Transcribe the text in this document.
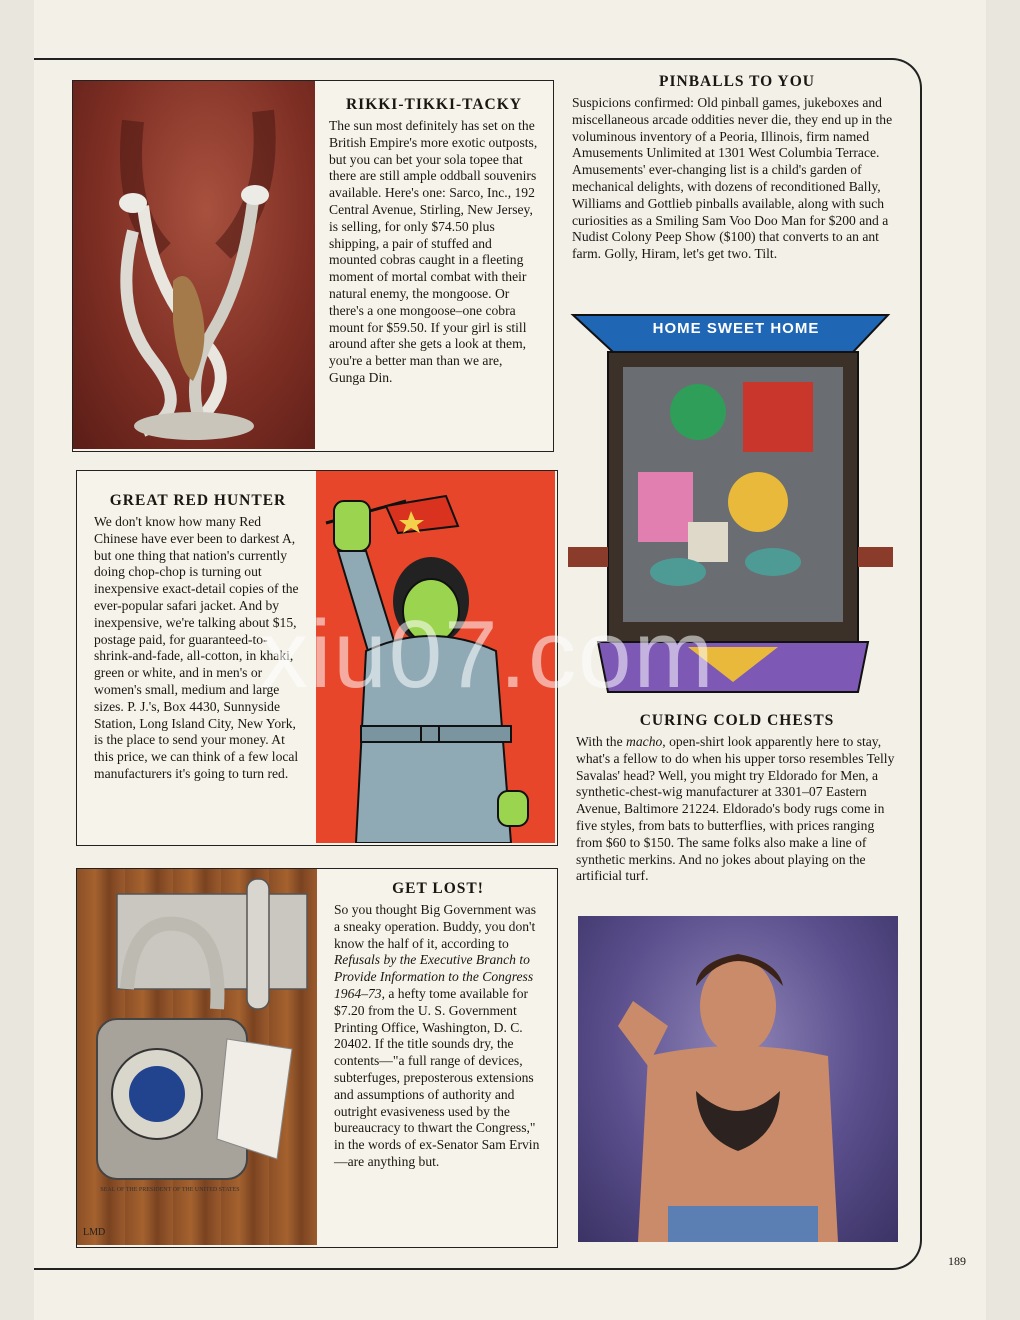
RIKKI-TIKKI-TACKY

The sun most definitely has set on the British Empire's more exotic outposts, but you can bet your sola topee that there are still ample oddball souvenirs available. Here's one: Sarco, Inc., 192 Central Avenue, Stirling, New Jersey, is selling, for only $74.50 plus shipping, a pair of stuffed and mounted cobras caught in a fleeting moment of mortal combat with their natural enemy, the mongoose. Or there's a one mongoose–one cobra mount for $59.50. If your girl is still around after she gets a look at them, you're a better man than we are, Gunga Din.

PINBALLS TO YOU

Suspicions confirmed: Old pinball games, jukeboxes and miscellaneous arcade oddities never die, they end up in the voluminous inventory of a Peoria, Illinois, firm named Amusements Unlimited at 1301 West Columbia Terrace. Amusements' ever-changing list is a child's garden of mechanical delights, with dozens of reconditioned Bally, Williams and Gottlieb pinballs available, along with such curiosities as a Smiling Sam Voo Doo Man for $200 and a Nudist Colony Peep Show ($100) that converts to an ant farm. Golly, Hiram, let's get two. Tilt.

HOME SWEET HOME

GREAT RED HUNTER

We don't know how many Red Chinese have ever been to darkest A, but one thing that nation's currently doing chop-chop is turning out inexpensive exact-detail copies of the ever-popular safari jacket. And by inexpensive, we're talking about $15, postage paid, for guaranteed-to-shrink-and-fade, all-cotton, in khaki, green or white, and in men's or women's small, medium and large sizes. P. J.'s, Box 4430, Sunnyside Station, Long Island City, New York, is the place to send your money. At this price, we can think of a few local manufacturers it's going to turn red.

CURING COLD CHESTS

With the macho, open-shirt look apparently here to stay, what's a fellow to do when his upper torso resembles Telly Savalas' head? Well, you might try Eldorado for Men, a synthetic-chest-wig manufacturer at 3301–07 Eastern Avenue, Baltimore 21224. Eldorado's body rugs come in five styles, from bats to butterflies, with prices ranging from $60 to $150. The same folks also make a line of synthetic merkins. And no jokes about playing on the artificial turf.

SEAL OF THE PRESIDENT OF THE UNITED STATES
LMD

GET LOST!

So you thought Big Government was a sneaky operation. Buddy, you don't know the half of it, according to Refusals by the Executive Branch to Provide Information to the Congress 1964–73, a hefty tome available for $7.20 from the U. S. Government Printing Office, Washington, D. C. 20402. If the title sounds dry, the contents—"a full range of devices, subterfuges, preposterous extensions and assumptions of authority and outright evasiveness used by the bureaucracy to thwart the Congress," in the words of ex-Senator Sam Ervin—are anything but.

xiu07.com
189
